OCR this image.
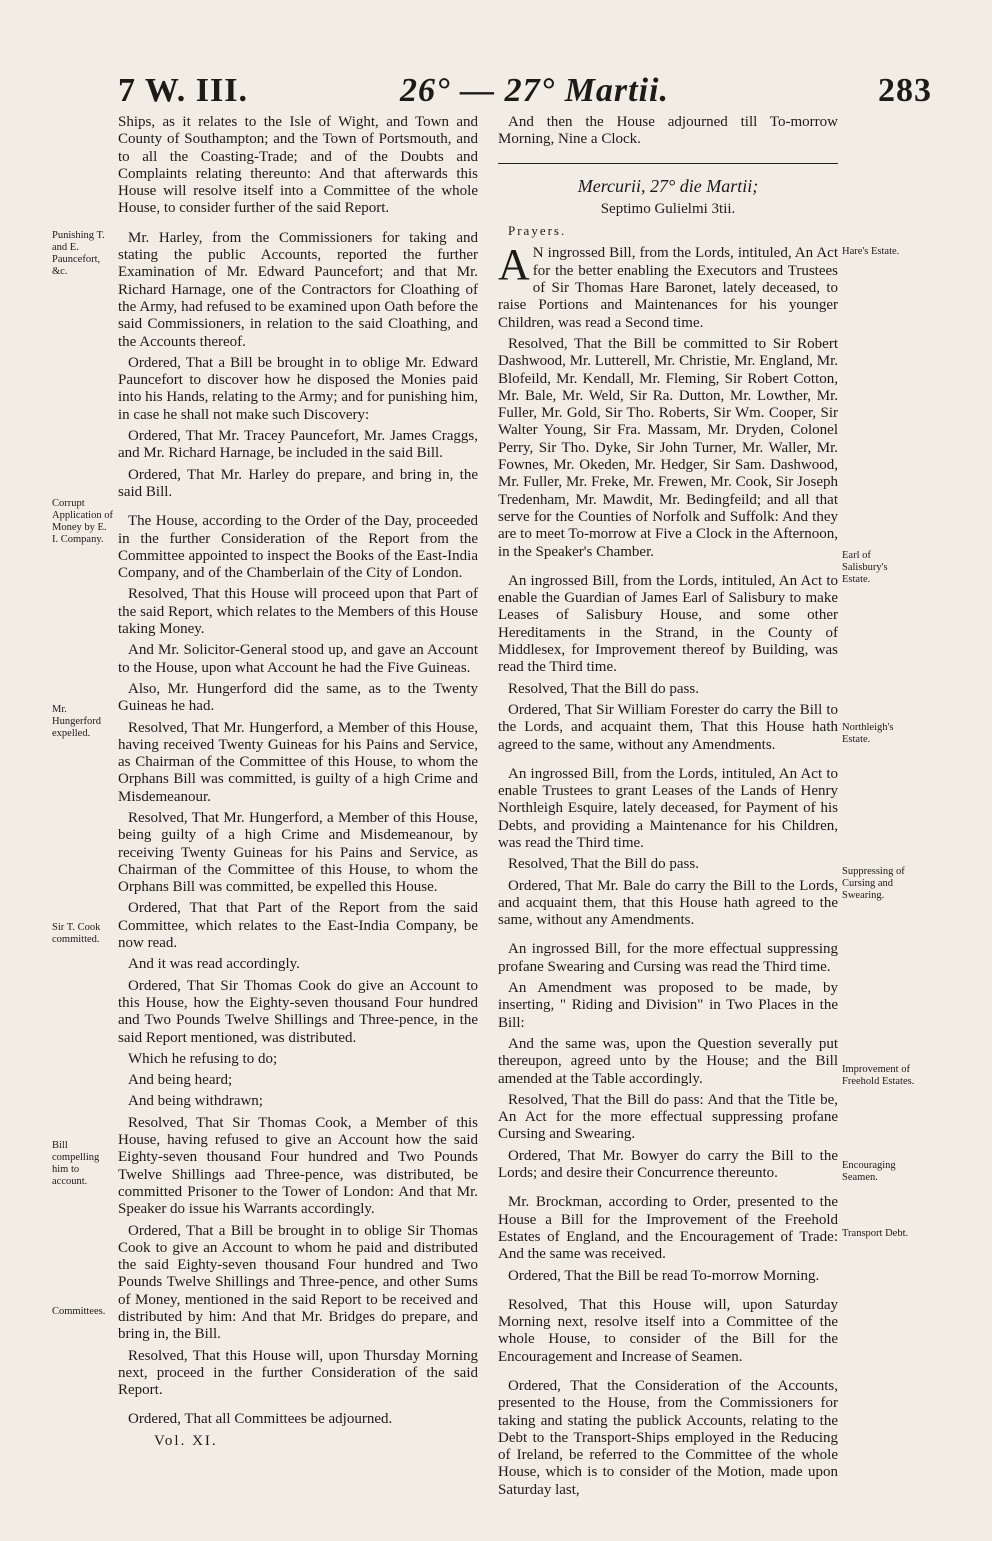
7 W. III.	26° — 27° Martii.	283
Punishing T. and E. Pauncefort, &c.
Corrupt Application of Money by E. I. Company.
Mr. Hungerford expelled.
Sir T. Cook committed.
Bill compelling him to account.
Committees.
Hare's Estate.
Earl of Salisbury's Estate.
Northleigh's Estate.
Suppressing of Cursing and Swearing.
Improvement of Freehold Estates.
Encouraging Seamen.
Transport Debt.

Ships, as it relates to the Isle of Wight, and Town and County of Southampton; and the Town of Portsmouth, and to all the Coasting-Trade; and of the Doubts and Complaints relating thereunto: And that afterwards this House will resolve itself into a Committee of the whole House, to consider further of the said Report.

Mr. Harley, from the Commissioners for taking and stating the public Accounts, reported the further Examination of Mr. Edward Pauncefort; and that Mr. Richard Harnage, one of the Contractors for Cloathing of the Army, had refused to be examined upon Oath before the said Commissioners, in relation to the said Cloathing, and the Accounts thereof.

Ordered, That a Bill be brought in to oblige Mr. Edward Pauncefort to discover how he disposed the Monies paid into his Hands, relating to the Army; and for punishing him, in case he shall not make such Discovery:

Ordered, That Mr. Tracey Pauncefort, Mr. James Craggs, and Mr. Richard Harnage, be included in the said Bill.

Ordered, That Mr. Harley do prepare, and bring in, the said Bill.

The House, according to the Order of the Day, proceeded in the further Consideration of the Report from the Committee appointed to inspect the Books of the East-India Company, and of the Chamberlain of the City of London.

Resolved, That this House will proceed upon that Part of the said Report, which relates to the Members of this House taking Money.

And Mr. Solicitor-General stood up, and gave an Account to the House, upon what Account he had the Five Guineas.

Also, Mr. Hungerford did the same, as to the Twenty Guineas he had.

Resolved, That Mr. Hungerford, a Member of this House, having received Twenty Guineas for his Pains and Service, as Chairman of the Committee of this House, to whom the Orphans Bill was committed, is guilty of a high Crime and Misdemeanour.

Resolved, That Mr. Hungerford, a Member of this House, being guilty of a high Crime and Misdemeanour, by receiving Twenty Guineas for his Pains and Service, as Chairman of the Committee of this House, to whom the Orphans Bill was committed, be expelled this House.

Ordered, That that Part of the Report from the said Committee, which relates to the East-India Company, be now read.

And it was read accordingly.

Ordered, That Sir Thomas Cook do give an Account to this House, how the Eighty-seven thousand Four hundred and Two Pounds Twelve Shillings and Three-pence, in the said Report mentioned, was distributed.

Which he refusing to do;

And being heard;

And being withdrawn;

Resolved, That Sir Thomas Cook, a Member of this House, having refused to give an Account how the said Eighty-seven thousand Four hundred and Two Pounds Twelve Shillings aad Three-pence, was distributed, be committed Prisoner to the Tower of London: And that Mr. Speaker do issue his Warrants accordingly.

Ordered, That a Bill be brought in to oblige Sir Thomas Cook to give an Account to whom he paid and distributed the said Eighty-seven thousand Four hundred and Two Pounds Twelve Shillings and Three-pence, and other Sums of Money, mentioned in the said Report to be received and distributed by him: And that Mr. Bridges do prepare, and bring in, the Bill.

Resolved, That this House will, upon Thursday Morning next, proceed in the further Consideration of the said Report.

Ordered, That all Committees be adjourned.

Vol. XI.

And then the House adjourned till To-morrow Morning, Nine a Clock.

Mercurii, 27° die Martii;

Septimo Gulielmi 3tii.

Prayers.

A N ingrossed Bill, from the Lords, intituled, An Act for the better enabling the Executors and Trustees of Sir Thomas Hare Baronet, lately deceased, to raise Portions and Maintenances for his younger Children, was read a Second time.

Resolved, That the Bill be committed to Sir Robert Dashwood, Mr. Lutterell, Mr. Christie, Mr. England, Mr. Blofeild, Mr. Kendall, Mr. Fleming, Sir Robert Cotton, Mr. Bale, Mr. Weld, Sir Ra. Dutton, Mr. Lowther, Mr. Fuller, Mr. Gold, Sir Tho. Roberts, Sir Wm. Cooper, Sir Walter Young, Sir Fra. Massam, Mr. Dryden, Colonel Perry, Sir Tho. Dyke, Sir John Turner, Mr. Waller, Mr. Fownes, Mr. Okeden, Mr. Hedger, Sir Sam. Dashwood, Mr. Fuller, Mr. Freke, Mr. Frewen, Mr. Cook, Sir Joseph Tredenham, Mr. Mawdit, Mr. Bedingfeild; and all that serve for the Counties of Norfolk and Suffolk: And they are to meet To-morrow at Five a Clock in the Afternoon, in the Speaker's Chamber.

An ingrossed Bill, from the Lords, intituled, An Act to enable the Guardian of James Earl of Salisbury to make Leases of Salisbury House, and some other Hereditaments in the Strand, in the County of Middlesex, for Improvement thereof by Building, was read the Third time.

Resolved, That the Bill do pass.

Ordered, That Sir William Forester do carry the Bill to the Lords, and acquaint them, That this House hath agreed to the same, without any Amendments.

An ingrossed Bill, from the Lords, intituled, An Act to enable Trustees to grant Leases of the Lands of Henry Northleigh Esquire, lately deceased, for Payment of his Debts, and providing a Maintenance for his Children, was read the Third time.

Resolved, That the Bill do pass.

Ordered, That Mr. Bale do carry the Bill to the Lords, and acquaint them, that this House hath agreed to the same, without any Amendments.

An ingrossed Bill, for the more effectual suppressing profane Swearing and Cursing was read the Third time.

An Amendment was proposed to be made, by inserting, " Riding and Division" in Two Places in the Bill:

And the same was, upon the Question severally put thereupon, agreed unto by the House; and the Bill amended at the Table accordingly.

Resolved, That the Bill do pass: And that the Title be, An Act for the more effectual suppressing profane Cursing and Swearing.

Ordered, That Mr. Bowyer do carry the Bill to the Lords; and desire their Concurrence thereunto.

Mr. Brockman, according to Order, presented to the House a Bill for the Improvement of the Freehold Estates of England, and the Encouragement of Trade: And the same was received.

Ordered, That the Bill be read To-morrow Morning.

Resolved, That this House will, upon Saturday Morning next, resolve itself into a Committee of the whole House, to consider of the Bill for the Encouragement and Increase of Seamen.

Ordered, That the Consideration of the Accounts, presented to the House, from the Commissioners for taking and stating the publick Accounts, relating to the Debt to the Transport-Ships employed in the Reducing of Ireland, be referred to the Committee of the whole House, which is to consider of the Motion, made upon Saturday last,
